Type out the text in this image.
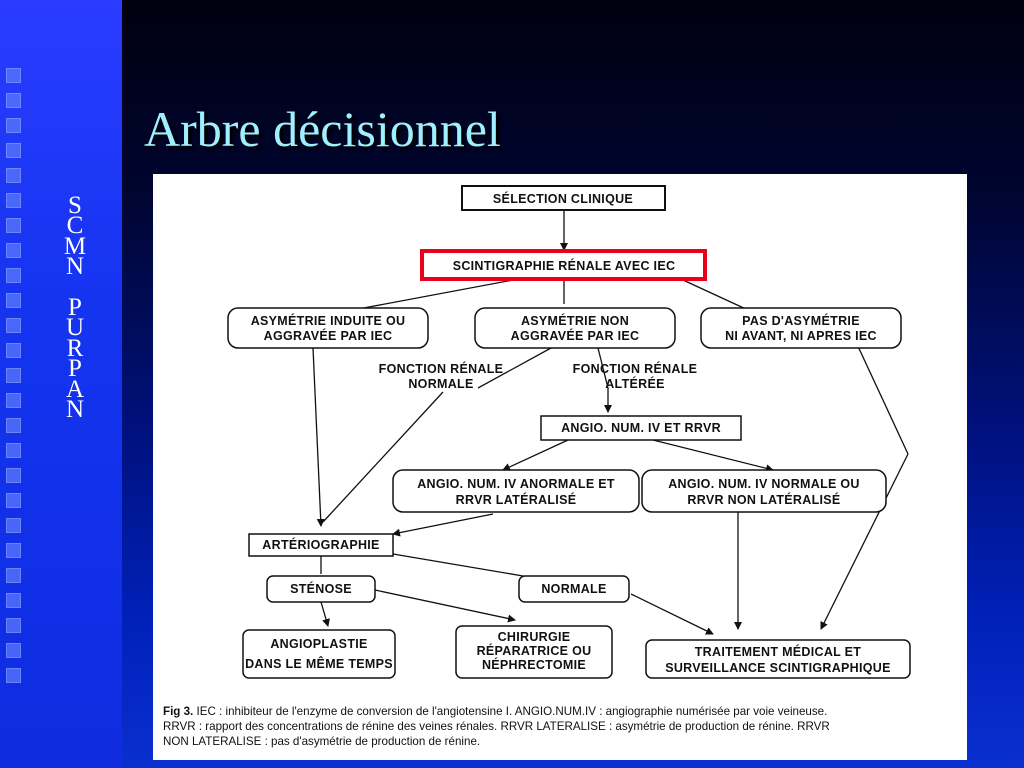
Arbre décisionnel
S
C
M
N
P
U
R
P
A
N
SÉLECTION CLINIQUE
SCINTIGRAPHIE RÉNALE AVEC IEC
ASYMÉTRIE INDUITE OU
AGGRAVÉE PAR IEC
ASYMÉTRIE NON
AGGRAVÉE PAR IEC
PAS D'ASYMÉTRIE
NI AVANT, NI APRES IEC
FONCTION RÉNALE
NORMALE
FONCTION RÉNALE
ALTÉRÉE
ANGIO. NUM. IV ET RRVR
ANGIO. NUM. IV ANORMALE ET
RRVR LATÉRALISÉ
ANGIO. NUM. IV NORMALE OU
RRVR NON LATÉRALISÉ
ARTÉRIOGRAPHIE
STÉNOSE	NORMALE
ANGIOPLASTIE
DANS LE MÊME TEMPS
CHIRURGIE
RÉPARATRICE OU
NÉPHRECTOMIE
TRAITEMENT MÉDICAL ET
SURVEILLANCE SCINTIGRAPHIQUE
Fig 3. IEC : inhibiteur de l'enzyme de conversion de l'angiotensine I. ANGIO.NUM.IV : angiographie numérisée par voie veineuse.
RRVR : rapport des concentrations de rénine des veines rénales. RRVR LATERALISE : asymétrie de production de rénine. RRVR
NON LATERALISE : pas d'asymétrie de production de rénine.
